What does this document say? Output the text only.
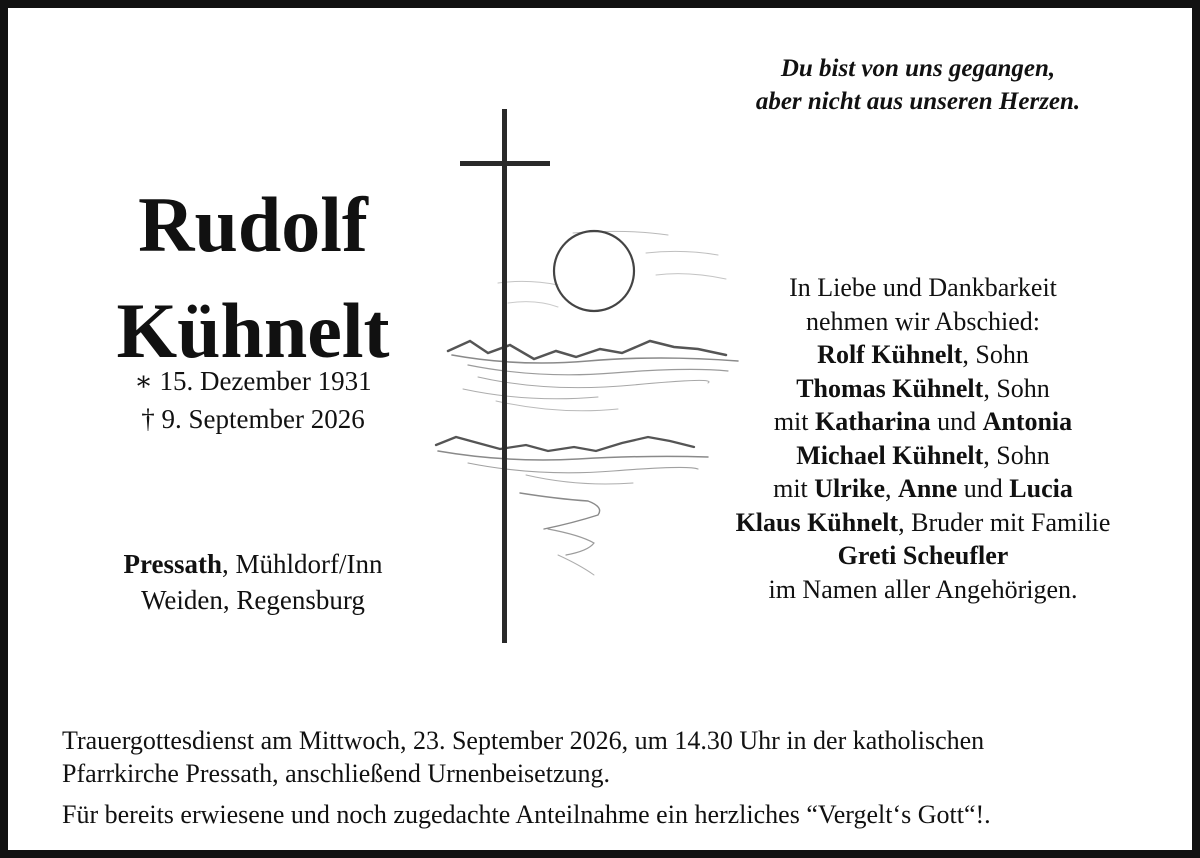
Du bist von uns gegangen,
aber nicht aus unseren Herzen.
Rudolf
Kühnelt
∗ 15. Dezember 1931
† 9. September 2026
Pressath, Mühldorf/Inn
Weiden, Regensburg
In Liebe und Dankbarkeit
nehmen wir Abschied:
Rolf Kühnelt, Sohn
Thomas Kühnelt, Sohn
mit Katharina und Antonia
Michael Kühnelt, Sohn
mit Ulrike, Anne und Lucia
Klaus Kühnelt, Bruder mit Familie
Greti Scheufler
im Namen aller Angehörigen.
Trauergottesdienst am Mittwoch, 23. September 2026, um 14.30 Uhr in der katholischen
Pfarrkirche Pressath, anschließend Urnenbeisetzung.
Für bereits erwiesene und noch zugedachte Anteilnahme ein herzliches “Vergelt‘s Gott“!.
